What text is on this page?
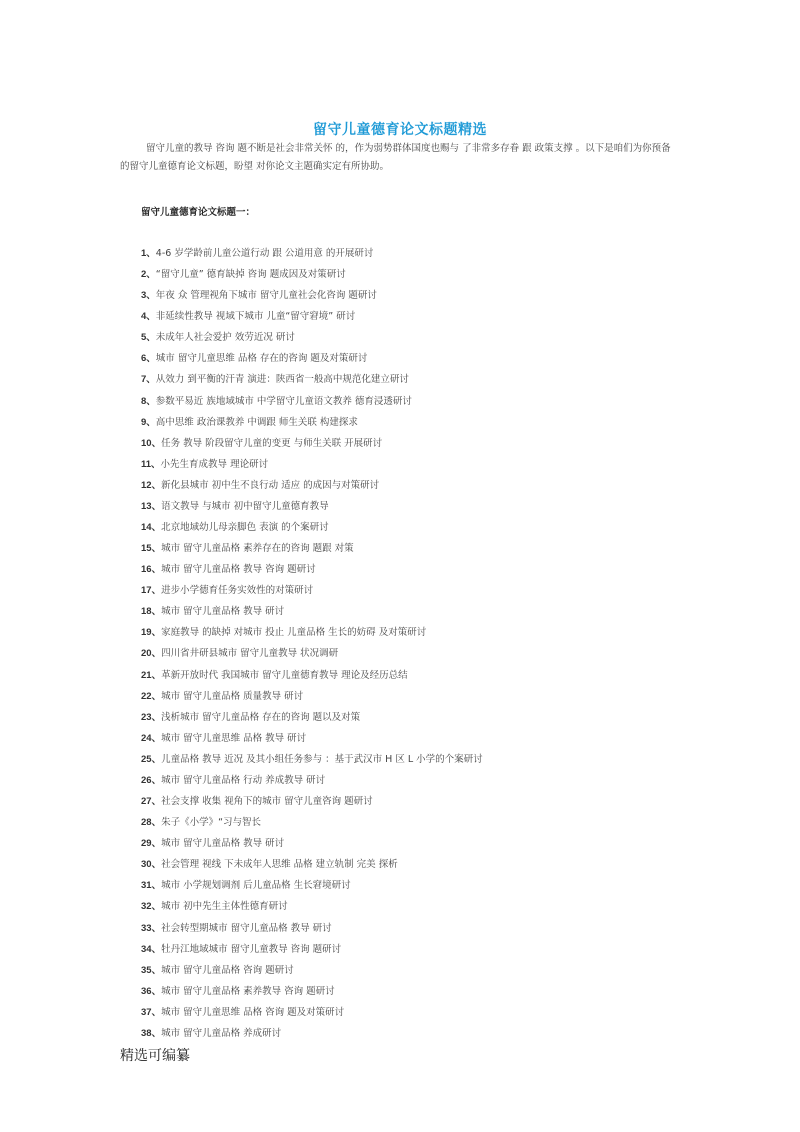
留守儿童德育论文标题精选
留守儿童的教导 咨询 题不断是社会非常关怀 的，作为弱势群体国度也赐与 了非常多存眷 跟 政策支撑 。以下是咱们为你预备 的留守儿童德育论文标题，盼望 对你论文主题确实定有所协助。
留守儿童德育论文标题一：
1、4-6 岁学龄前儿童公道行动 跟 公道用意 的开展研讨
2、“留守儿童” 德育缺掉 咨询 题成因及对策研讨
3、年夜 众 管理视角下城市 留守儿童社会化咨询 题研讨
4、非延续性教导 视域下城市 儿童“留守窘境” 研讨
5、未成年人社会爱护 效劳近况 研讨
6、城市 留守儿童思维 品格 存在的咨询 题及对策研讨
7、从效力 到平衡的汗青 演进：陕西省一般高中规范化建立研讨
8、参数平易近 族地域城市 中学留守儿童语文教养 德育浸透研讨
9、高中思维 政治课教养 中调跟 师生关联 构建探求
10、任务 教导 阶段留守儿童的变更 与师生关联 开展研讨
11、小先生育成教导 理论研讨
12、新化县城市 初中生不良行动 适应 的成因与对策研讨
13、语文教导 与城市 初中留守儿童德育教导
14、北京地域幼儿母亲脚色 表演 的个案研讨
15、城市 留守儿童品格 素养存在的咨询 题跟 对策
16、城市 留守儿童品格 教导 咨询 题研讨
17、进步小学德育任务实效性的对策研讨
18、城市 留守儿童品格 教导 研讨
19、家庭教导 的缺掉 对城市 投止 儿童品格 生长的妨碍 及对策研讨
20、四川省井研县城市 留守儿童教导 状况调研
21、革新开放时代 我国城市 留守儿童德育教导 理论及经历总结
22、城市 留守儿童品格 质量教导 研讨
23、浅析城市 留守儿童品格 存在的咨询 题以及对策
24、城市 留守儿童思维 品格 教导 研讨
25、儿童品格 教导 近况 及其小组任务参与 ：基于武汉市 H 区 L 小学的个案研讨
26、城市 留守儿童品格 行动 养成教导 研讨
27、社会支撑 收集 视角下的城市 留守儿童咨询 题研讨
28、朱子《小学》“习与智长
29、城市 留守儿童品格 教导 研讨
30、社会管理 视线 下未成年人思维 品格 建立轨制 完美 探析
31、城市 小学规划调剂 后儿童品格 生长窘境研讨
32、城市 初中先生主体性德育研讨
33、社会转型期城市 留守儿童品格 教导 研讨
34、牡丹江地域城市 留守儿童教导 咨询 题研讨
35、城市 留守儿童品格 咨询 题研讨
36、城市 留守儿童品格 素养教导 咨询 题研讨
37、城市 留守儿童思维 品格 咨询 题及对策研讨
38、城市 留守儿童品格 养成研讨
精选可编纂
